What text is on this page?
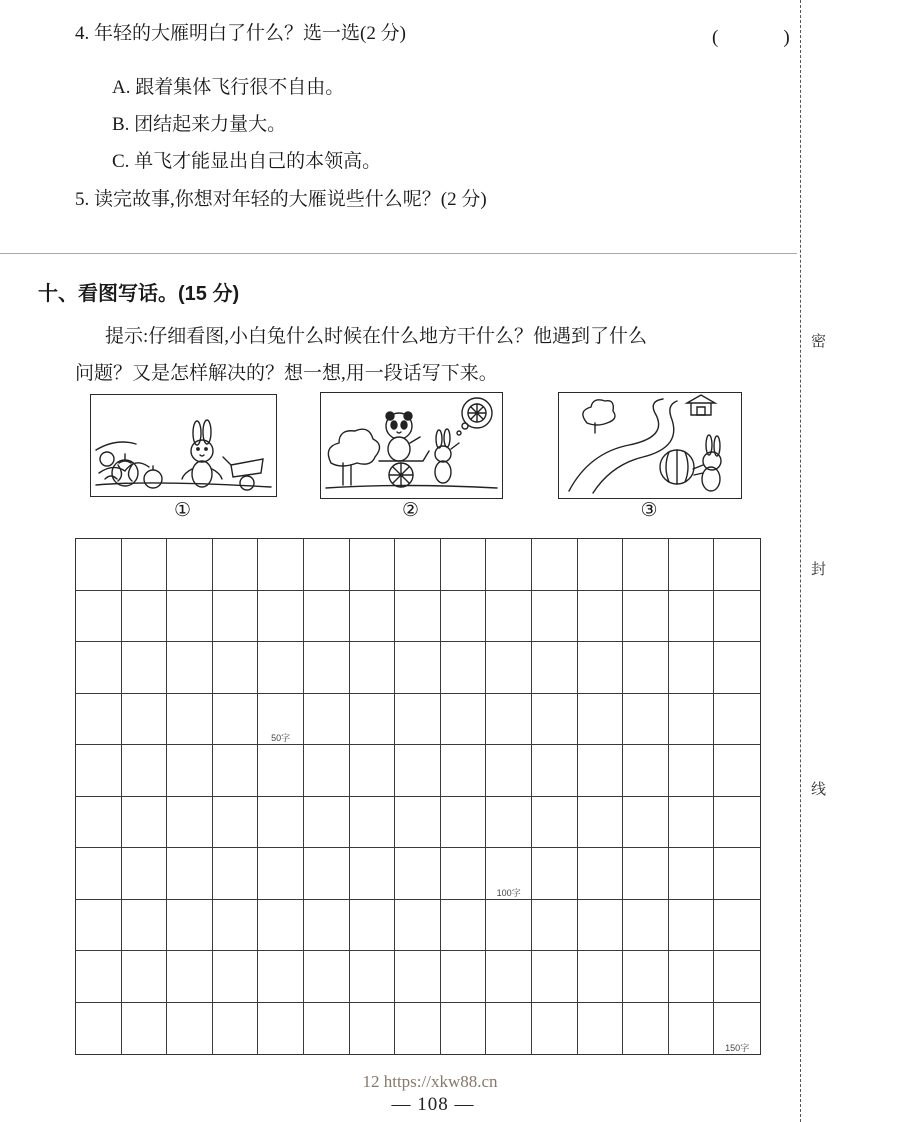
4. 年轻的大雁明白了什么？选一选(2 分)	(　　　)
A. 跟着集体飞行很不自由。
B. 团结起来力量大。
C. 单飞才能显出自己的本领高。
5. 读完故事,你想对年轻的大雁说些什么呢？(2 分)
十、看图写话。(15 分)
提示:仔细看图,小白兔什么时候在什么地方干什么？他遇到了什么
问题？又是怎样解决的？想一想,用一段话写下来。
①	②	③
50字
100字
150字
12 https://xkw88.cn
— 108 —
密
封
线
